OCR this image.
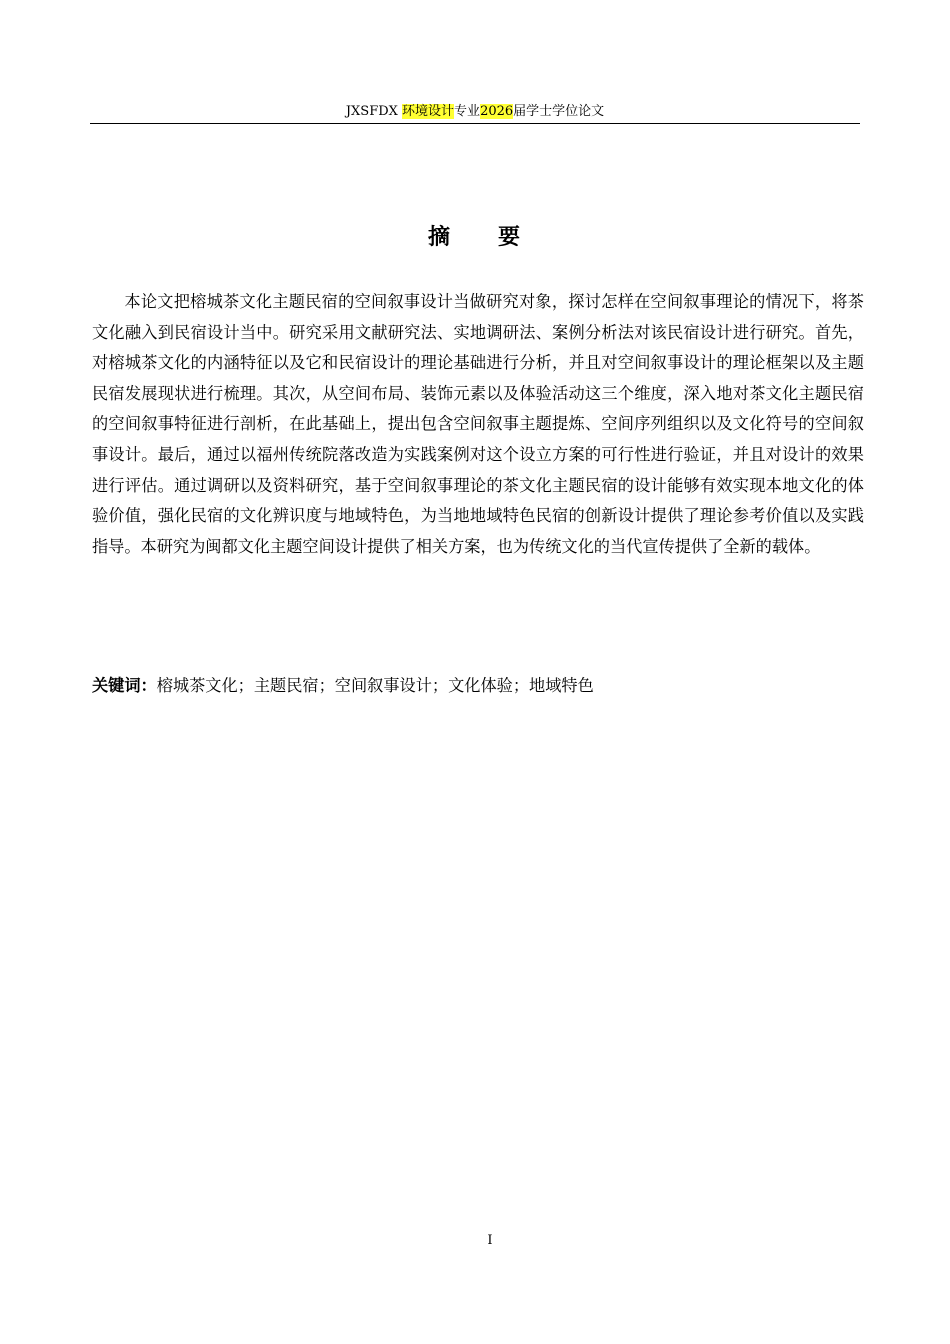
JXSFDX 环境设计专业2026届学士学位论文
摘 要

本论文把榕城茶文化主题民宿的空间叙事设计当做研究对象，探讨怎样在空间叙事理论的情况下，将茶文化融入到民宿设计当中。研究采用文献研究法、实地调研法、案例分析法对该民宿设计进行研究。首先，对榕城茶文化的内涵特征以及它和民宿设计的理论基础进行分析，并且对空间叙事设计的理论框架以及主题民宿发展现状进行梳理。其次，从空间布局、装饰元素以及体验活动这三个维度，深入地对茶文化主题民宿的空间叙事特征进行剖析，在此基础上，提出包含空间叙事主题提炼、空间序列组织以及文化符号的空间叙事设计。最后，通过以福州传统院落改造为实践案例对这个设立方案的可行性进行验证，并且对设计的效果进行评估。通过调研以及资料研究，基于空间叙事理论的茶文化主题民宿的设计能够有效实现本地文化的体验价值，强化民宿的文化辨识度与地域特色，为当地地域特色民宿的创新设计提供了理论参考价值以及实践指导。本研究为闽都文化主题空间设计提供了相关方案，也为传统文化的当代宣传提供了全新的载体。

关键词：榕城茶文化；主题民宿；空间叙事设计；文化体验；地域特色

I
